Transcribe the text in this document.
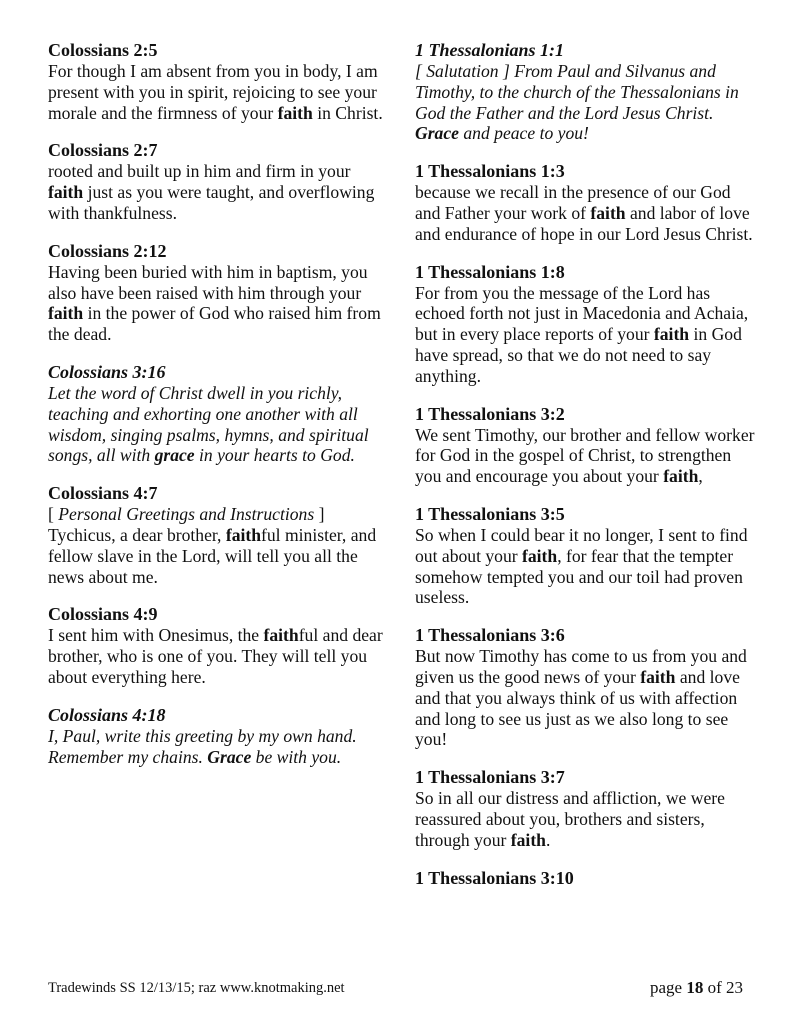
Colossians 2:5
For though I am absent from you in body, I am present with you in spirit, rejoicing to see your morale and the firmness of your faith in Christ.
Colossians 2:7
rooted and built up in him and firm in your faith just as you were taught, and overflowing with thankfulness.
Colossians 2:12
Having been buried with him in baptism, you also have been raised with him through your faith in the power of God who raised him from the dead.
Colossians 3:16
Let the word of Christ dwell in you richly, teaching and exhorting one another with all wisdom, singing psalms, hymns, and spiritual songs, all with grace in your hearts to God.
Colossians 4:7
[ Personal Greetings and Instructions ] Tychicus, a dear brother, faithful minister, and fellow slave in the Lord, will tell you all the news about me.
Colossians 4:9
I sent him with Onesimus, the faithful and dear brother, who is one of you. They will tell you about everything here.
Colossians 4:18
I, Paul, write this greeting by my own hand. Remember my chains. Grace be with you.
1 Thessalonians 1:1
[ Salutation ] From Paul and Silvanus and Timothy, to the church of the Thessalonians in God the Father and the Lord Jesus Christ. Grace and peace to you!
1 Thessalonians 1:3
because we recall in the presence of our God and Father your work of faith and labor of love and endurance of hope in our Lord Jesus Christ.
1 Thessalonians 1:8
For from you the message of the Lord has echoed forth not just in Macedonia and Achaia, but in every place reports of your faith in God have spread, so that we do not need to say anything.
1 Thessalonians 3:2
We sent Timothy, our brother and fellow worker for God in the gospel of Christ, to strengthen you and encourage you about your faith,
1 Thessalonians 3:5
So when I could bear it no longer, I sent to find out about your faith, for fear that the tempter somehow tempted you and our toil had proven useless.
1 Thessalonians 3:6
But now Timothy has come to us from you and given us the good news of your faith and love and that you always think of us with affection and long to see us just as we also long to see you!
1 Thessalonians 3:7
So in all our distress and affliction, we were reassured about you, brothers and sisters, through your faith.
1 Thessalonians 3:10
Tradewinds SS 12/13/15; raz www.knotmaking.net	page 18 of 23
